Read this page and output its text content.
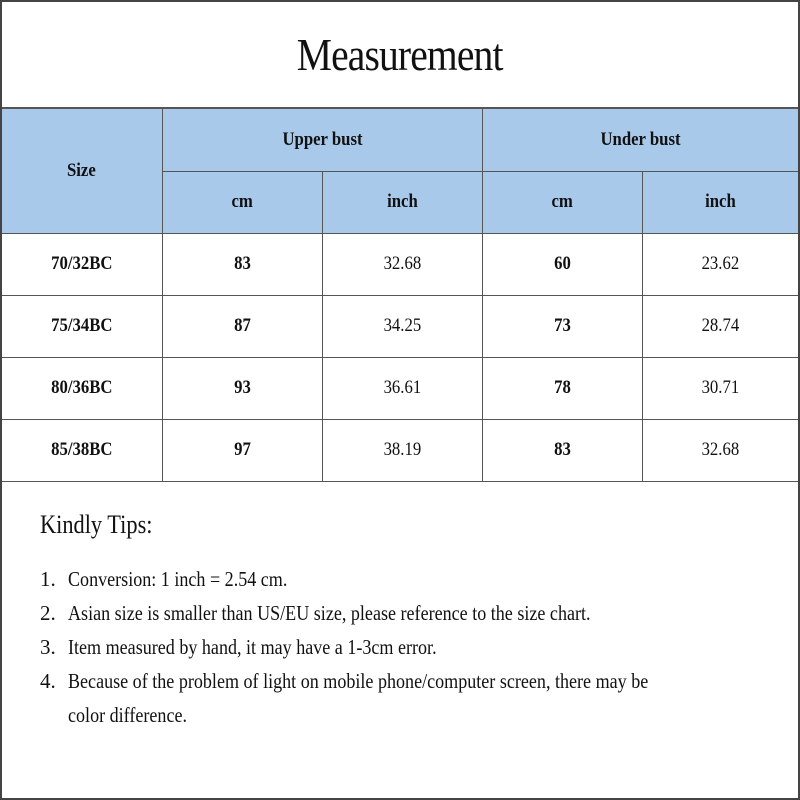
Measurement
Size	Upper bust		Under bust	
	cm	inch	cm	inch
70/32BC	83	32.68	60	23.62
75/34BC	87	34.25	73	28.74
80/36BC	93	36.61	78	30.71
85/38BC	97	38.19	83	32.68
Kindly Tips:
1. Conversion: 1 inch = 2.54 cm.
2. Asian size is smaller than US/EU size, please reference to the size chart.
3. Item measured by hand, it may have a 1-3cm error.
4. Because of the problem of light on mobile phone/computer screen, there may be
color difference.
